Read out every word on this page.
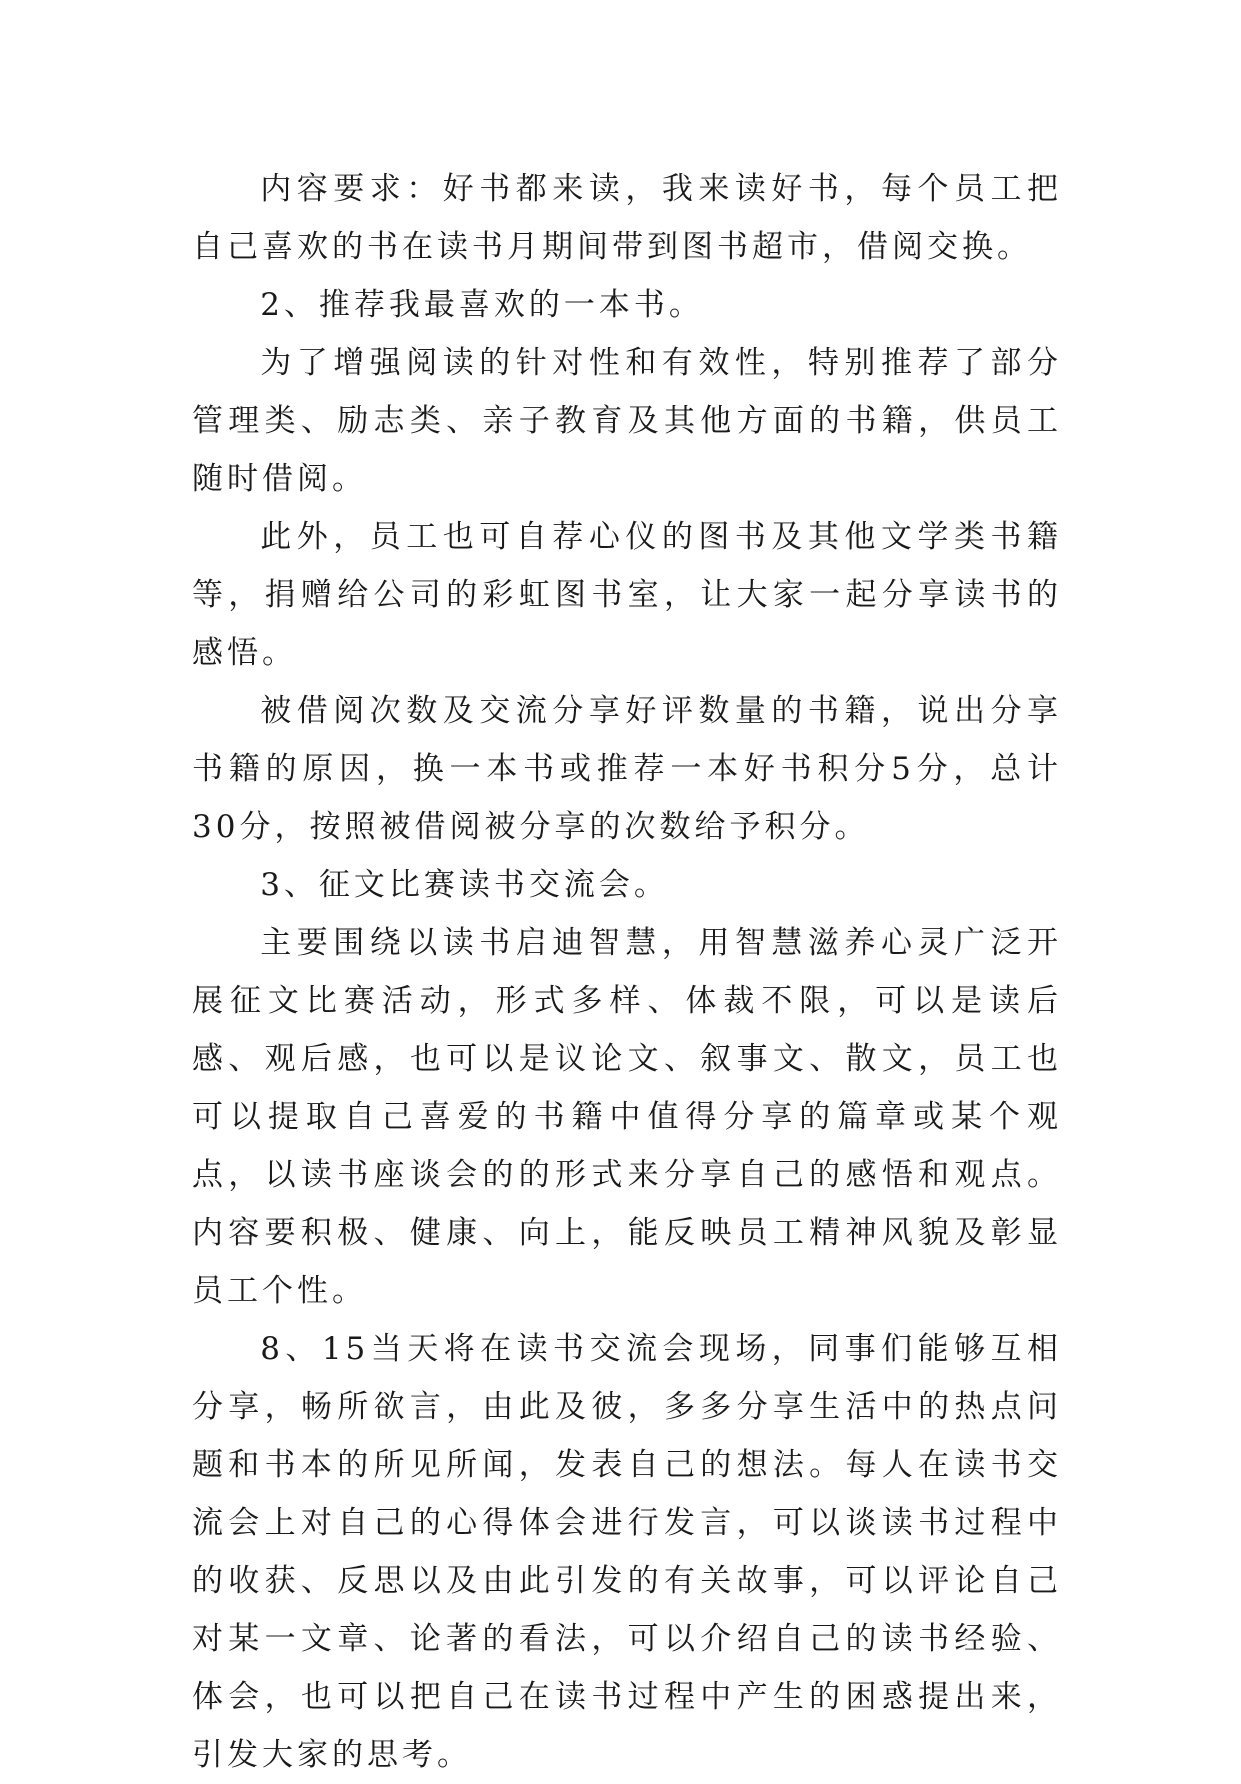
内容要求：好书都来读，我来读好书，每个员工把自己喜欢的书在读书月期间带到图书超市，借阅交换。

2、推荐我最喜欢的一本书。

为了增强阅读的针对性和有效性，特别推荐了部分管理类、励志类、亲子教育及其他方面的书籍，供员工随时借阅。

此外，员工也可自荐心仪的图书及其他文学类书籍等，捐赠给公司的彩虹图书室，让大家一起分享读书的感悟。

被借阅次数及交流分享好评数量的书籍，说出分享书籍的原因，换一本书或推荐一本好书积分5分，总计30分，按照被借阅被分享的次数给予积分。

3、征文比赛读书交流会。

主要围绕以读书启迪智慧，用智慧滋养心灵广泛开展征文比赛活动，形式多样、体裁不限，可以是读后感、观后感，也可以是议论文、叙事文、散文，员工也可以提取自己喜爱的书籍中值得分享的篇章或某个观点，以读书座谈会的的形式来分享自己的感悟和观点。内容要积极、健康、向上，能反映员工精神风貌及彰显员工个性。

8、15当天将在读书交流会现场，同事们能够互相分享，畅所欲言，由此及彼，多多分享生活中的热点问题和书本的所见所闻，发表自己的想法。每人在读书交流会上对自己的心得体会进行发言，可以谈读书过程中的收获、反思以及由此引发的有关故事，可以评论自己对某一文章、论著的看法，可以介绍自己的读书经验、体会，也可以把自己在读书过程中产生的困惑提出来，引发大家的思考。
